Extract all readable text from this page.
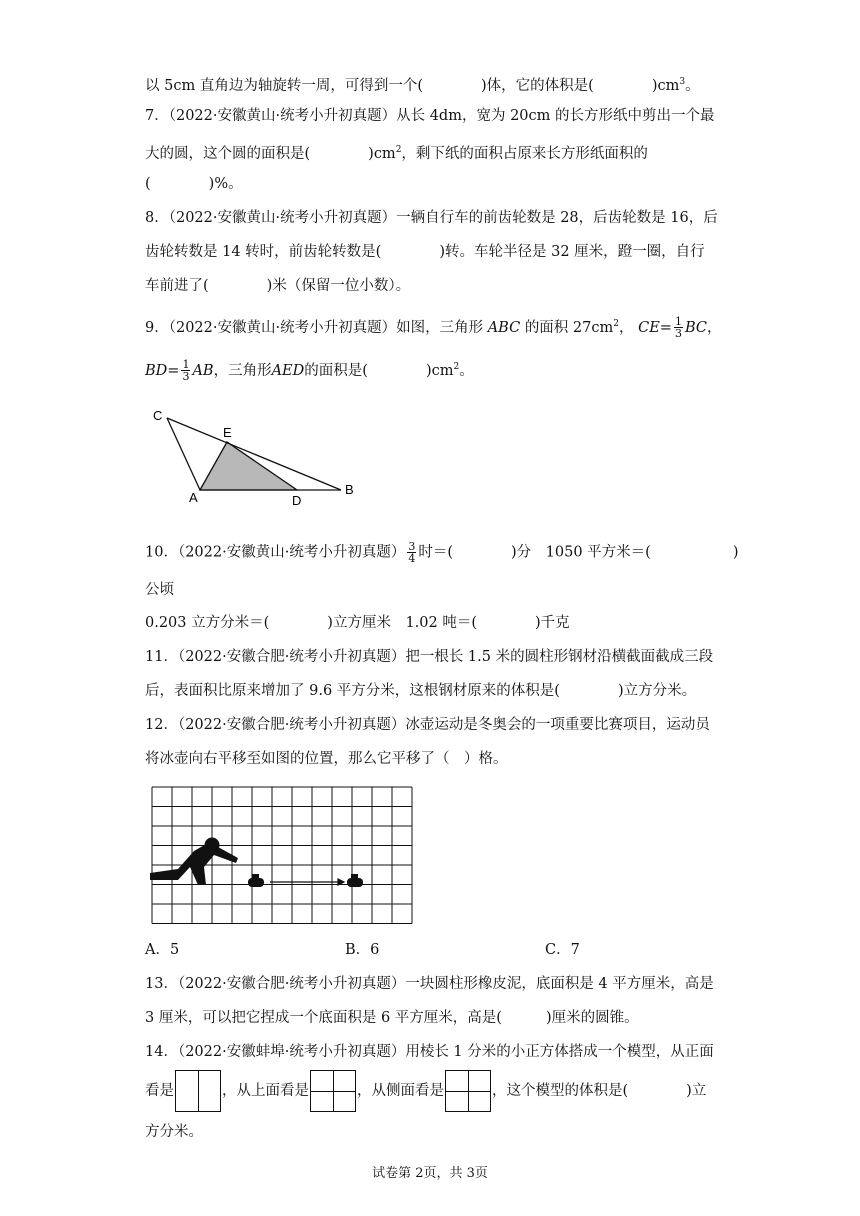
以 5cm 直角边为轴旋转一周，可得到一个(	)体，它的体积是(	)$cm^3$。
7．（2022·安徽黄山·统考小升初真题）从长 4dm，宽为 20cm 的长方形纸中剪出一个最
大的圆，这个圆的面积是(	)$cm^2$，剩下纸的面积占原来长方形纸面积的
(	)%。
8．（2022·安徽黄山·统考小升初真题）一辆自行车的前齿轮数是 28，后齿轮数是 16，后
齿轮转数是 14 转时，前齿轮转数是(	)转。车轮半径是 32 厘米，蹬一圈，自行
车前进了(	)米（保留一位小数）。
9．（2022·安徽黄山·统考小升初真题）如图，三角形 ABC 的面积 $27cm^2$， $CE= \frac{1}{3}$ BC，
$BD= \frac{1}{3}$ AB，三角形AED的面积是(	)$cm^2$。
C
E
A	D
B
10．（2022·安徽黄山·统考小升初真题） $\frac{3}{4}$ 时＝(	)分　1050 平方米＝(	)
公顷
0.203 立方分米＝(	)立方厘米　1.02 吨＝(	)千克
11．（2022·安徽合肥·统考小升初真题）把一根长 1.5 米的圆柱形钢材沿横截面截成三段
后，表面积比原来增加了 9.6 平方分米，这根钢材原来的体积是(	)立方分米。
12．（2022·安徽合肥·统考小升初真题）冰壶运动是冬奥会的一项重要比赛项目，运动员
将冰壶向右平移至如图的位置，那么它平移了（　）格。
A．5	B．6	C．7
13．（2022·安徽合肥·统考小升初真题）一块圆柱形橡皮泥，底面积是 4 平方厘米，高是
3 厘米，可以把它捏成一个底面积是 6 平方厘米，高是(	)厘米的圆锥。
14．（2022·安徽蚌埠·统考小升初真题）用棱长 1 分米的小正方体搭成一个模型，从正面
看是	，从上面看是	，从侧面看是	，这个模型的体积是(	)立
方分米。
试卷第 2页，共 3页
